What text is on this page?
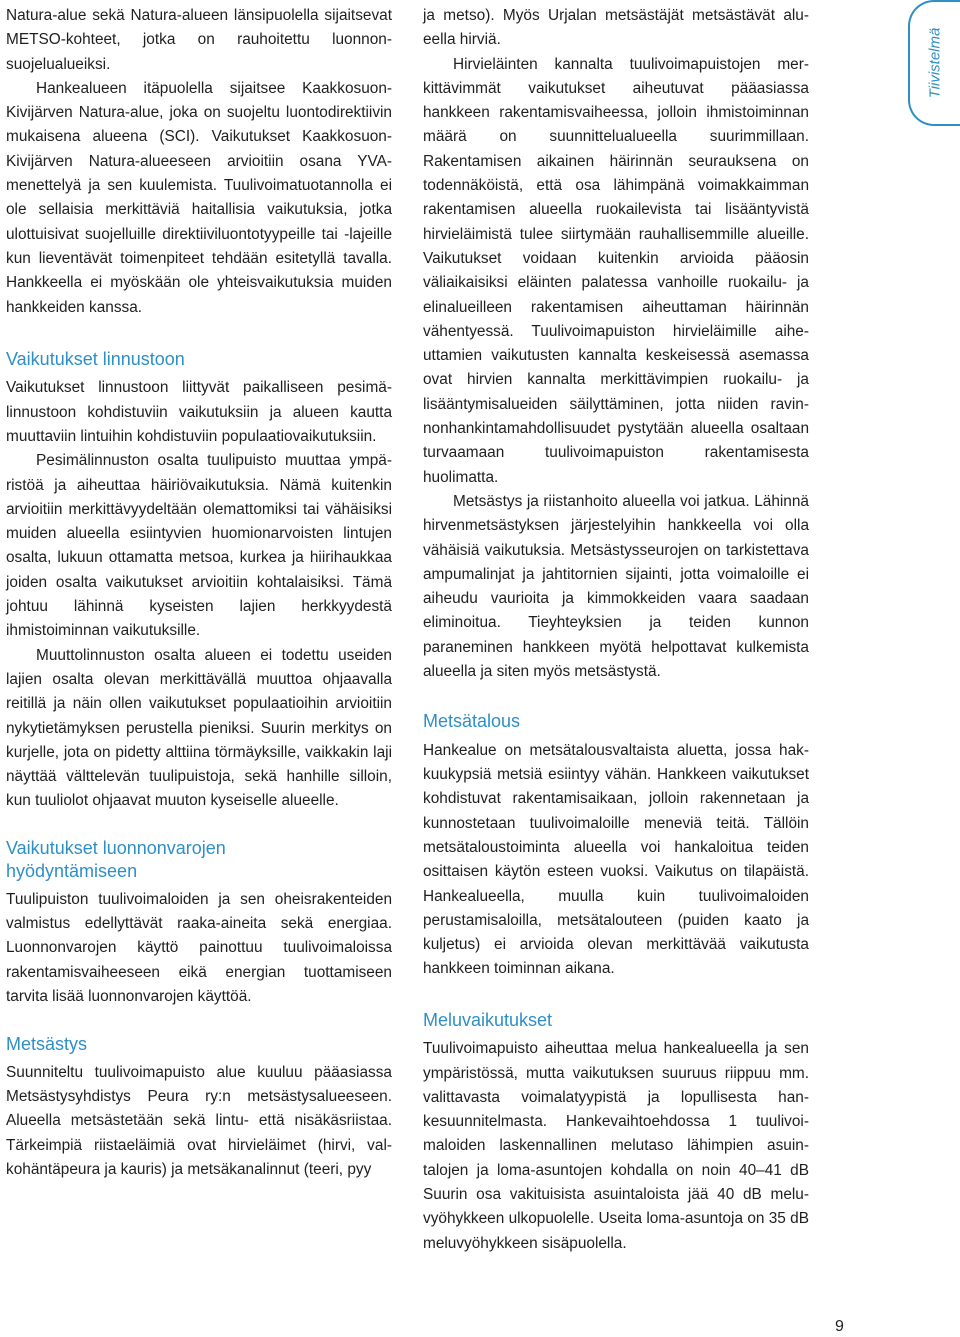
Tiivistelmä

Natura-alue sekä Natura-alueen länsipuolella sijaitsevat METSO-kohteet, jotka on rauhoitettu luonnonsuojelualueiksi.

Hankealueen itäpuolella sijaitsee Kaakkosuon-Kivijärven Natura-alue, joka on suojeltu luontodirektiivin mukaisena alueena (SCI). Vaikutukset Kaakkosuon-Kivijärven Natura-alueeseen arvioitiin osana YVA-menettelyä ja sen kuulemista. Tuulivoimatuotannolla ei ole sellaisia merkittäviä haitallisia vaikutuksia, jotka ulottuisivat suojelluille direktiiviluontotyypeille tai -lajeille kun lieventävät toimenpiteet tehdään esitetyllä tavalla. Hankkeella ei myöskään ole yhteisvaikutuksia muiden hankkeiden kanssa.

Vaikutukset linnustoon

Vaikutukset linnustoon liittyvät paikalliseen pesimälinnustoon kohdistuviin vaikutuksiin ja alueen kautta muuttaviin lintuihin kohdistuviin populaatiovaikutuksiin.

Pesimälinnuston osalta tuulipuisto muuttaa ympäristöä ja aiheuttaa häiriövaikutuksia. Nämä kuitenkin arvioitiin merkittävyydeltään olemattomiksi tai vähäisiksi muiden alueella esiintyvien huomionarvoisten lintujen osalta, lukuun ottamatta metsoa, kurkea ja hiirihaukkaa joiden osalta vaikutukset arvioitiin kohtalaisiksi. Tämä johtuu lähinnä kyseisten lajien herkkyydestä ihmistoiminnan vaikutuksille.

Muuttolinnuston osalta alueen ei todettu useiden lajien osalta olevan merkittävällä muuttoa ohjaavalla reitillä ja näin ollen vaikutukset populaatioihin arvioitiin nykytietämyksen perustella pieniksi. Suurin merkitys on kurjelle, jota on pidetty alttiina törmäyksille, vaikkakin laji näyttää välttelevän tuulipuistoja, sekä hanhille silloin, kun tuuliolot ohjaavat muuton kyseiselle alueelle.

Vaikutukset luonnonvarojen hyödyntämiseen

Tuulipuiston tuulivoimaloiden ja sen oheisrakenteiden valmistus edellyttävät raaka-aineita sekä energiaa. Luonnonvarojen käyttö painottuu tuulivoimaloissa rakentamisvaiheeseen eikä energian tuottamiseen tarvita lisää luonnonvarojen käyttöä.

Metsästys

Suunniteltu tuulivoimapuisto alue kuuluu pääasiassa Metsästysyhdistys Peura ry:n metsästysalueeseen. Alueella metsästetään sekä lintu- että nisäkäsriistaa. Tärkeimpiä riistaeläimiä ovat hirvieläimet (hirvi, valkohäntäpeura ja kauris) ja metsäkanalinnut (teeri, pyy

ja metso). Myös Urjalan metsästäjät metsästävät alueella hirviä.

Hirvieläinten kannalta tuulivoimapuistojen merkittävimmät vaikutukset aiheutuvat pääasiassa hankkeen rakentamisvaiheessa, jolloin ihmistoiminnan määrä on suunnittelualueella suurimmillaan. Rakentamisen aikainen häirinnän seurauksena on todennäköistä, että osa lähimpänä voimakkaimman rakentamisen alueella ruokailevista tai lisääntyvistä hirvieläimistä tulee siirtymään rauhallisemmille alueille. Vaikutukset voidaan kuitenkin arvioida pääosin väliaikaisiksi eläinten palatessa vanhoille ruokailu- ja elinalueilleen rakentamisen aiheuttaman häirinnän vähentyessä. Tuulivoimapuiston hirvieläimille aiheuttamien vaikutusten kannalta keskeisessä asemassa ovat hirvien kannalta merkittävimpien ruokailu- ja lisääntymisalueiden säilyttäminen, jotta niiden ravinnonhankintamahdollisuudet pystytään alueella osaltaan turvaamaan tuulivoimapuiston rakentamisesta huolimatta.

Metsästys ja riistanhoito alueella voi jatkua. Lähinnä hirvenmetsästyksen järjestelyihin hankkeella voi olla vähäisiä vaikutuksia. Metsästysseurojen on tarkistettava ampumalinjat ja jahtitornien sijainti, jotta voimaloille ei aiheudu vaurioita ja kimmokkeiden vaara saadaan eliminoitua. Tieyhteyksien ja teiden kunnon paraneminen hankkeen myötä helpottavat kulkemista alueella ja siten myös metsästystä.

Metsätalous

Hankealue on metsätalousvaltaista aluetta, jossa hakkuukypsiä metsiä esiintyy vähän. Hankkeen vaikutukset kohdistuvat rakentamisaikaan, jolloin rakennetaan ja kunnostetaan tuulivoimaloille meneviä teitä. Tällöin metsätaloustoiminta alueella voi hankaloitua teiden osittaisen käytön esteen vuoksi. Vaikutus on tilapäistä. Hankealueella, muulla kuin tuulivoimaloiden perustamisaloilla, metsätalouteen (puiden kaato ja kuljetus) ei arvioida olevan merkittävää vaikutusta hankkeen toiminnan aikana.

Meluvaikutukset

Tuulivoimapuisto aiheuttaa melua hankealueella ja sen ympäristössä, mutta vaikutuksen suuruus riippuu mm. valittavasta voimalatyypistä ja lopullisesta hankesuunnitelmasta. Hankevaihtoehdossa 1 tuulivoimaloiden laskennallinen melutaso lähimpien asuintalojen ja loma-asuntojen kohdalla on noin 40–41 dB Suurin osa vakituisista asuintaloista jää 40 dB meluvyöhykkeen ulkopuolelle. Useita loma-asuntoja on 35 dB meluvyöhykkeen sisäpuolella.

9
